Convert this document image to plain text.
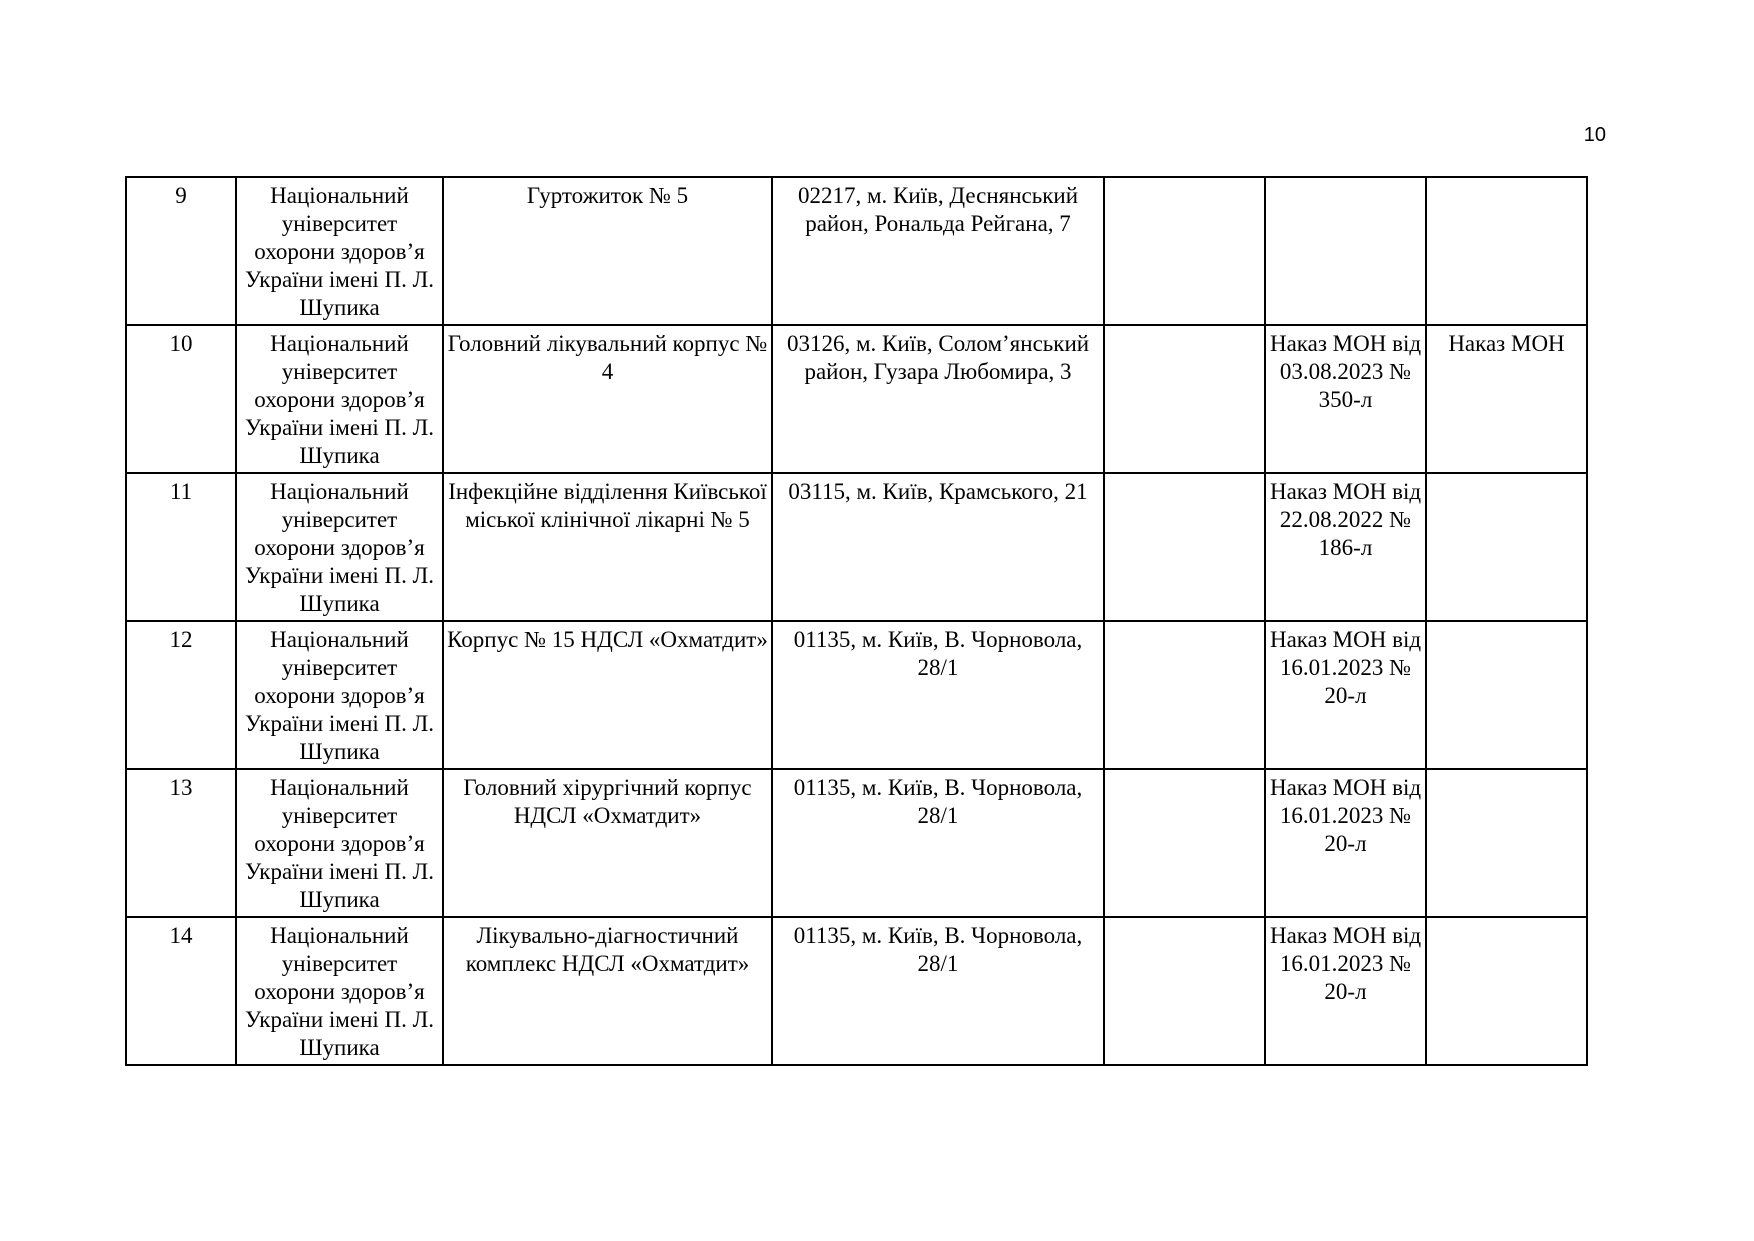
10
9	Національний університет охорони здоров’я України імені П. Л. Шупика	Гуртожиток № 5	02217, м. Київ, Деснянський район, Рональда Рейгана, 7			
10	Національний університет охорони здоров’я України імені П. Л. Шупика	Головний лікувальний корпус № 4	03126, м. Київ, Солом’янський район, Гузара Любомира, 3		Наказ МОН від 03.08.2023 № 350-л	Наказ МОН
11	Національний університет охорони здоров’я України імені П. Л. Шупика	Інфекційне відділення Київської міської клінічної лікарні № 5	03115, м. Київ, Крамського, 21		Наказ МОН від 22.08.2022 № 186-л	
12	Національний університет охорони здоров’я України імені П. Л. Шупика	Корпус № 15 НДСЛ «Охматдит»	01135, м. Київ, В. Чорновола, 28/1		Наказ МОН від 16.01.2023 № 20-л	
13	Національний університет охорони здоров’я України імені П. Л. Шупика	Головний хірургічний корпус НДСЛ «Охматдит»	01135, м. Київ, В. Чорновола, 28/1		Наказ МОН від 16.01.2023 № 20-л	
14	Національний університет охорони здоров’я України імені П. Л. Шупика	Лікувально-діагностичний комплекс НДСЛ «Охматдит»	01135, м. Київ, В. Чорновола, 28/1		Наказ МОН від 16.01.2023 № 20-л	
